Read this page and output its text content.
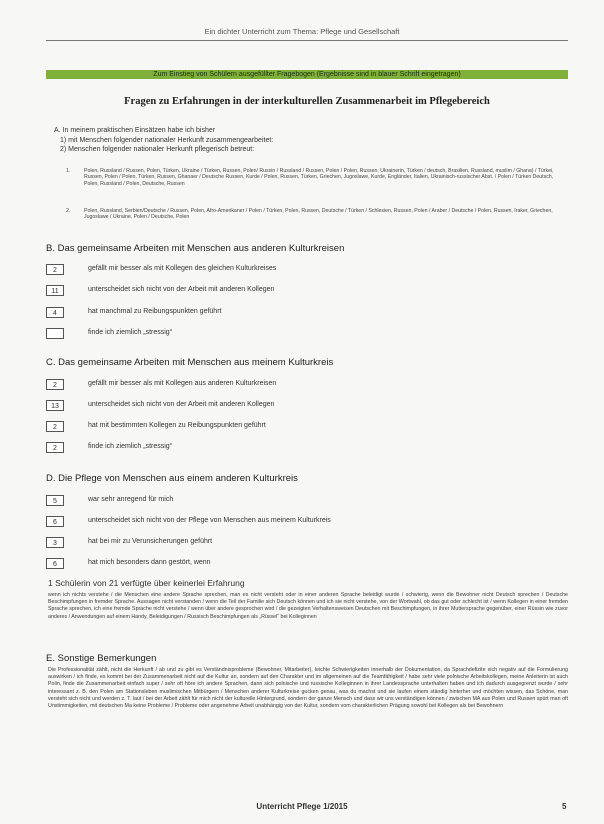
Ein dichter Unterricht zum Thema: Pflege und Gesellschaft
Zum Einstieg von Schülern ausgefüllter Fragebogen (Ergebnisse sind in blauer Schrift eingetragen)
Fragen zu Erfahrungen in der interkulturellen Zusammenarbeit im Pflegebereich

A. In meinem praktischen Einsätzen habe ich bisher

1) mit Menschen folgender nationaler Herkunft zusammengearbeitet:

2) Menschen folgender nationaler Herkunft pflegerisch betreut:

1.	Polen, Russland / Russen, Polen, Türken, Ukraine / Türken, Russen, Polen/ Russin / Russland / Russen, Polen / Polen, Russen, Ukrainerin, Türken / deutsch, Brasilien, Russland, muslim / Ghana) / Türkei, Russen, Polen / Polen, Türken, Russen, Ghanaer / Deutsche Russen, Kurde / Polen, Russen, Türken, Griechen, Jugoslawe, Kurde, Engländer, Italien, Ukrainisch-russischer Abst. / Polen / Türken Deutsch, Polen, Russland / Polen, Deutsche, Russen
2.	Polen, Russland, Serbien/Deutsche / Russen, Polen, Afro-Amerikaner / Polen / Türken, Polen, Russen, Deutsche / Türken / Schlesien, Russen, Polen / Araber / Deutsche / Polen, Russen, Iraker, Griechen, Jugoslawe / Ukraine, Polen / Deutsche, Polen
B. Das gemeinsame Arbeiten mit Menschen aus anderen Kulturkreisen
2	gefällt mir besser als mit Kollegen des gleichen Kulturkreises
11	unterscheidet sich nicht von der Arbeit mit anderen Kollegen
4	hat manchmal zu Reibungspunkten geführt
finde ich ziemlich „stressig“
C. Das gemeinsame Arbeiten mit Menschen aus meinem Kulturkreis
2	gefällt mir besser als mit Kollegen aus anderen Kulturkreisen
13	unterscheidet sich nicht von der Arbeit mit anderen Kollegen
2	hat mit bestimmten Kollegen zu Reibungspunkten geführt
2	finde ich ziemlich „stressig“
D. Die Pflege von Menschen aus einem anderen Kulturkreis
5	war sehr anregend für mich
6	unterscheidet sich nicht von der Pflege von Menschen aus meinem Kulturkreis
3	hat bei mir zu Verunsicherungen geführt
6	hat mich besonders dann gestört, wenn
1 Schülerin von 21 verfügte über keinerlei Erfahrung
wenn ich nichts verstehe / die Menschen eine andere Sprache sprechen, man es nicht versteht oder in einer anderen Sprache beleidigt wurde / schwierig, wenn die Bewohner nicht Deutsch sprechen / Deutsche Beschimpfungen in fremder Sprache. Aussagen nicht verstanden / wenn die Teil der Familie sich Deutsch können und ich sie nicht verstehe, von der Wortwahl, ob das gut oder schlecht ist / wenn Kollegen in einer fremden Sprache sprechen, ich eine fremde Sprache nicht verstehe / wenn über andere gesprochen wird / die gezeigten Verhaltensweisen Deutschen mit Beschimpfungen, in ihrer Muttersprache gegenüber, einer Rüssin wie zuvor anderes / Anwendungen auf einem Handy, Beleidigungen / Russisch Beschimpfungen als „Rüssel“ bei Kolleginnen
E. Sonstige Bemerkungen
Die Professionalität zählt, nicht die Herkunft / ab und zu gibt es Verständnisprobleme (Bewohner, Mitarbeiter), leichte Schwierigkeiten innerhalb der Dokumentation, da Sprachdefizite sich negativ auf die Formulierung auswirken / ich finde, es kommt bei der Zusammenarbeit nicht auf die Kultur an, sondern auf den Charakter und im allgemeinen auf die Teamfähigkeit / habe sehr viele polnische Arbeitskollegen, meine Anleiterin ist auch Polin, finde die Zusammenarbeit einfach super / sehr oft höre ich andere Sprachen, dann sich polnische und russische Kolleginnen in ihrer Landessprache unterhalten haben und ich dadurch ausgegrenzt wurde / sehr interessant z. B. den Polen am Stationsleben muslimischen Mitbürgern / Menschen anderer Kulturkreise gucken genau, was du machst und sie laufen einem ständig hinterher und möchten wissen, das Schöne, man versteht sich nicht und werden z. T. laut / bei der Arbeit zählt für mich nicht der kulturelle Hintergrund, sondern der ganze Mensch und dass wir uns verständigen können / zwischen MA aus Polen und Russen spürt man oft Unstimmigkeiten, mit deutschen Ma keine Probleme / Probleme oder angenehme Arbeit unabhängig von der Kultur, sondern vom charakterlichen Prägung sowohl bei Kollegen als bei Bewohnern
Unterricht Pflege 1/2015	5
